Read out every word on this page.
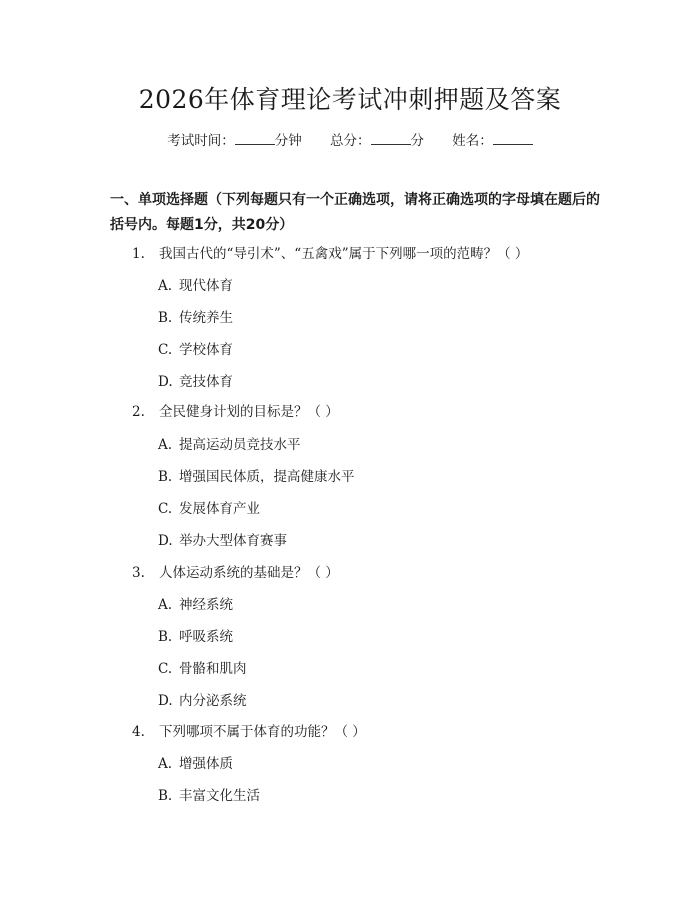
2026年体育理论考试冲刺押题及答案
考试时间：	分钟 总分：	分 姓名：
一、单项选择题（下列每题只有一个正确选项，请将正确选项的字母填在题后的括号内。每题1分，共20分）
1. 我国古代的“导引术”、“五禽戏”属于下列哪一项的范畴？（ ）
A. 现代体育
B. 传统养生
C. 学校体育
D. 竞技体育
2. 全民健身计划的目标是？（ ）
A. 提高运动员竞技水平
B. 增强国民体质，提高健康水平
C. 发展体育产业
D. 举办大型体育赛事
3. 人体运动系统的基础是？（ ）
A. 神经系统
B. 呼吸系统
C. 骨骼和肌肉
D. 内分泌系统
4. 下列哪项不属于体育的功能？（ ）
A. 增强体质
B. 丰富文化生活
